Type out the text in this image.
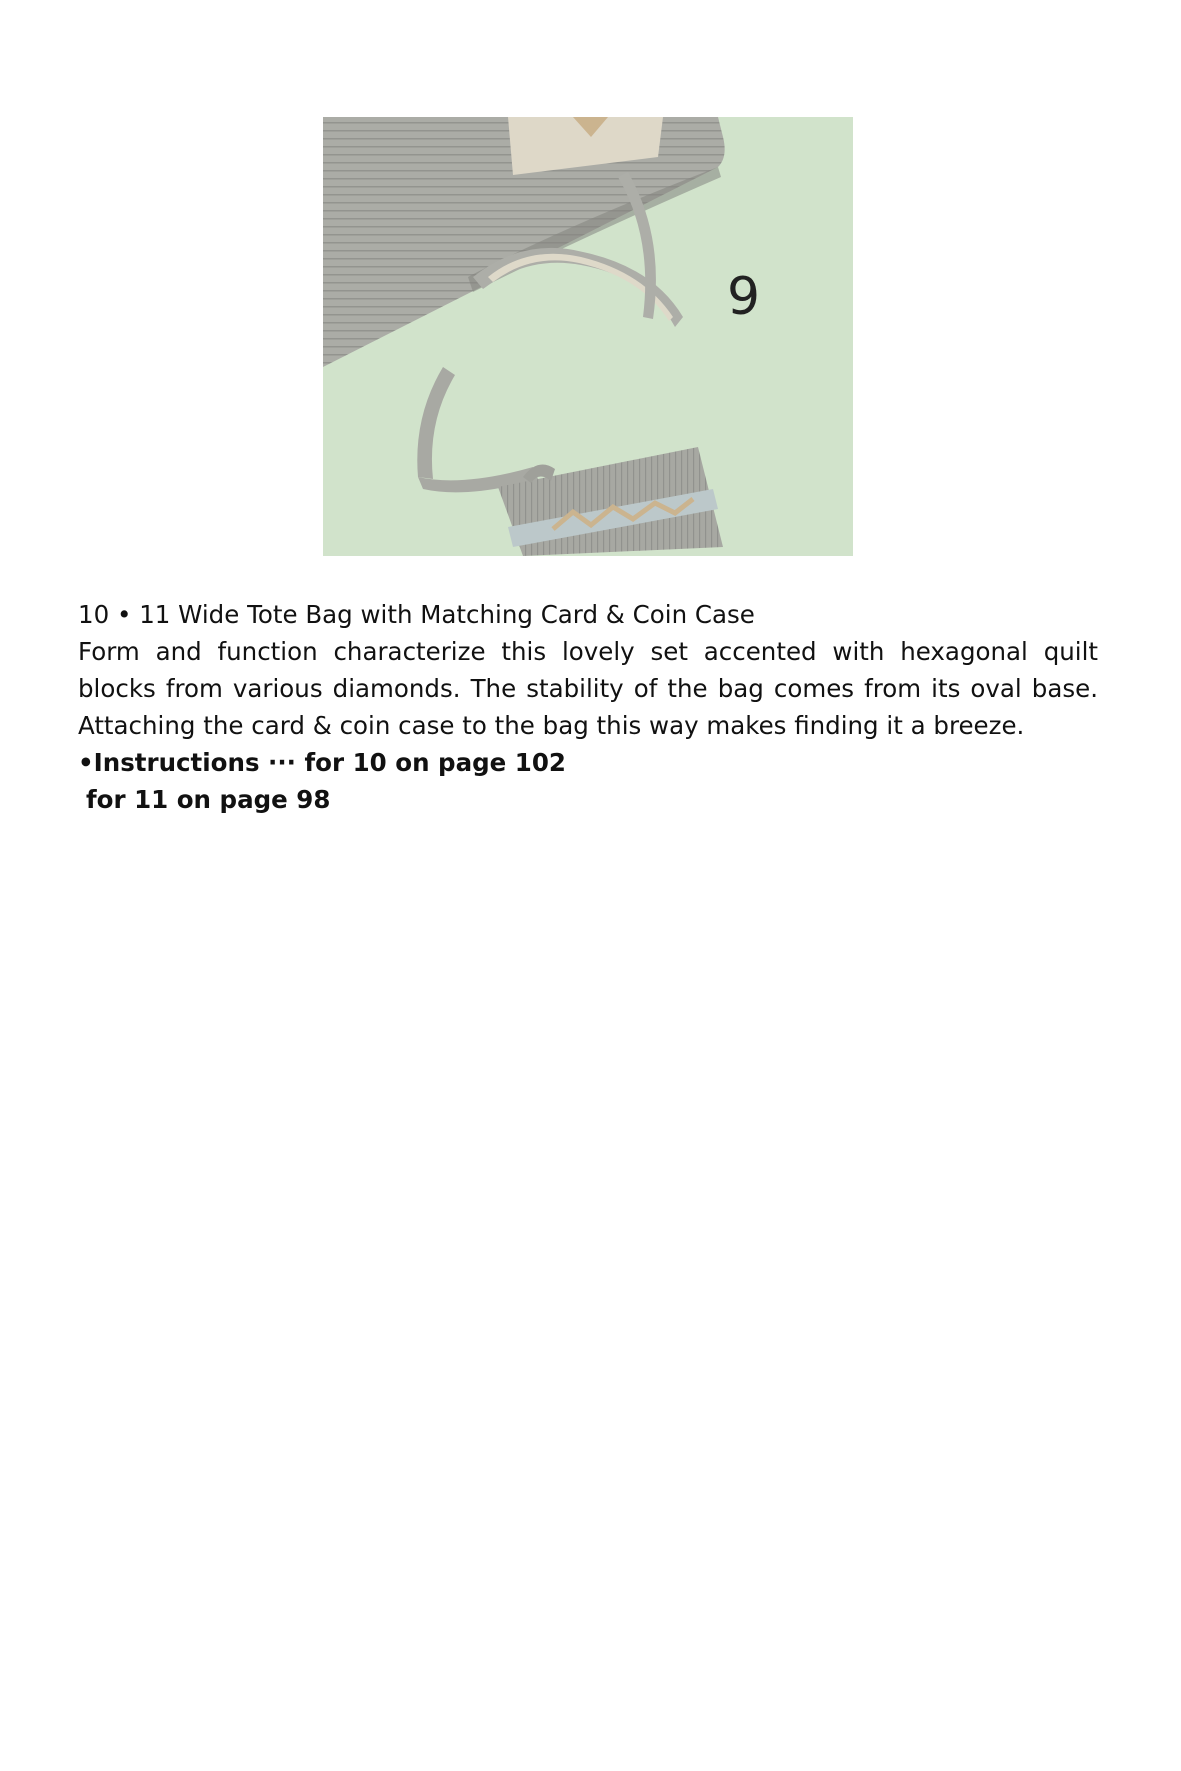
9

10 • 11 Wide Tote Bag with Matching Card & Coin Case

Form and function characterize this lovely set accented with hexagonal quilt blocks from various diamonds. The stability of the bag comes from its oval base. Attaching the card & coin case to the bag this way makes finding it a breeze.

•Instructions ··· for 10 on page 102

for 11 on page 98
